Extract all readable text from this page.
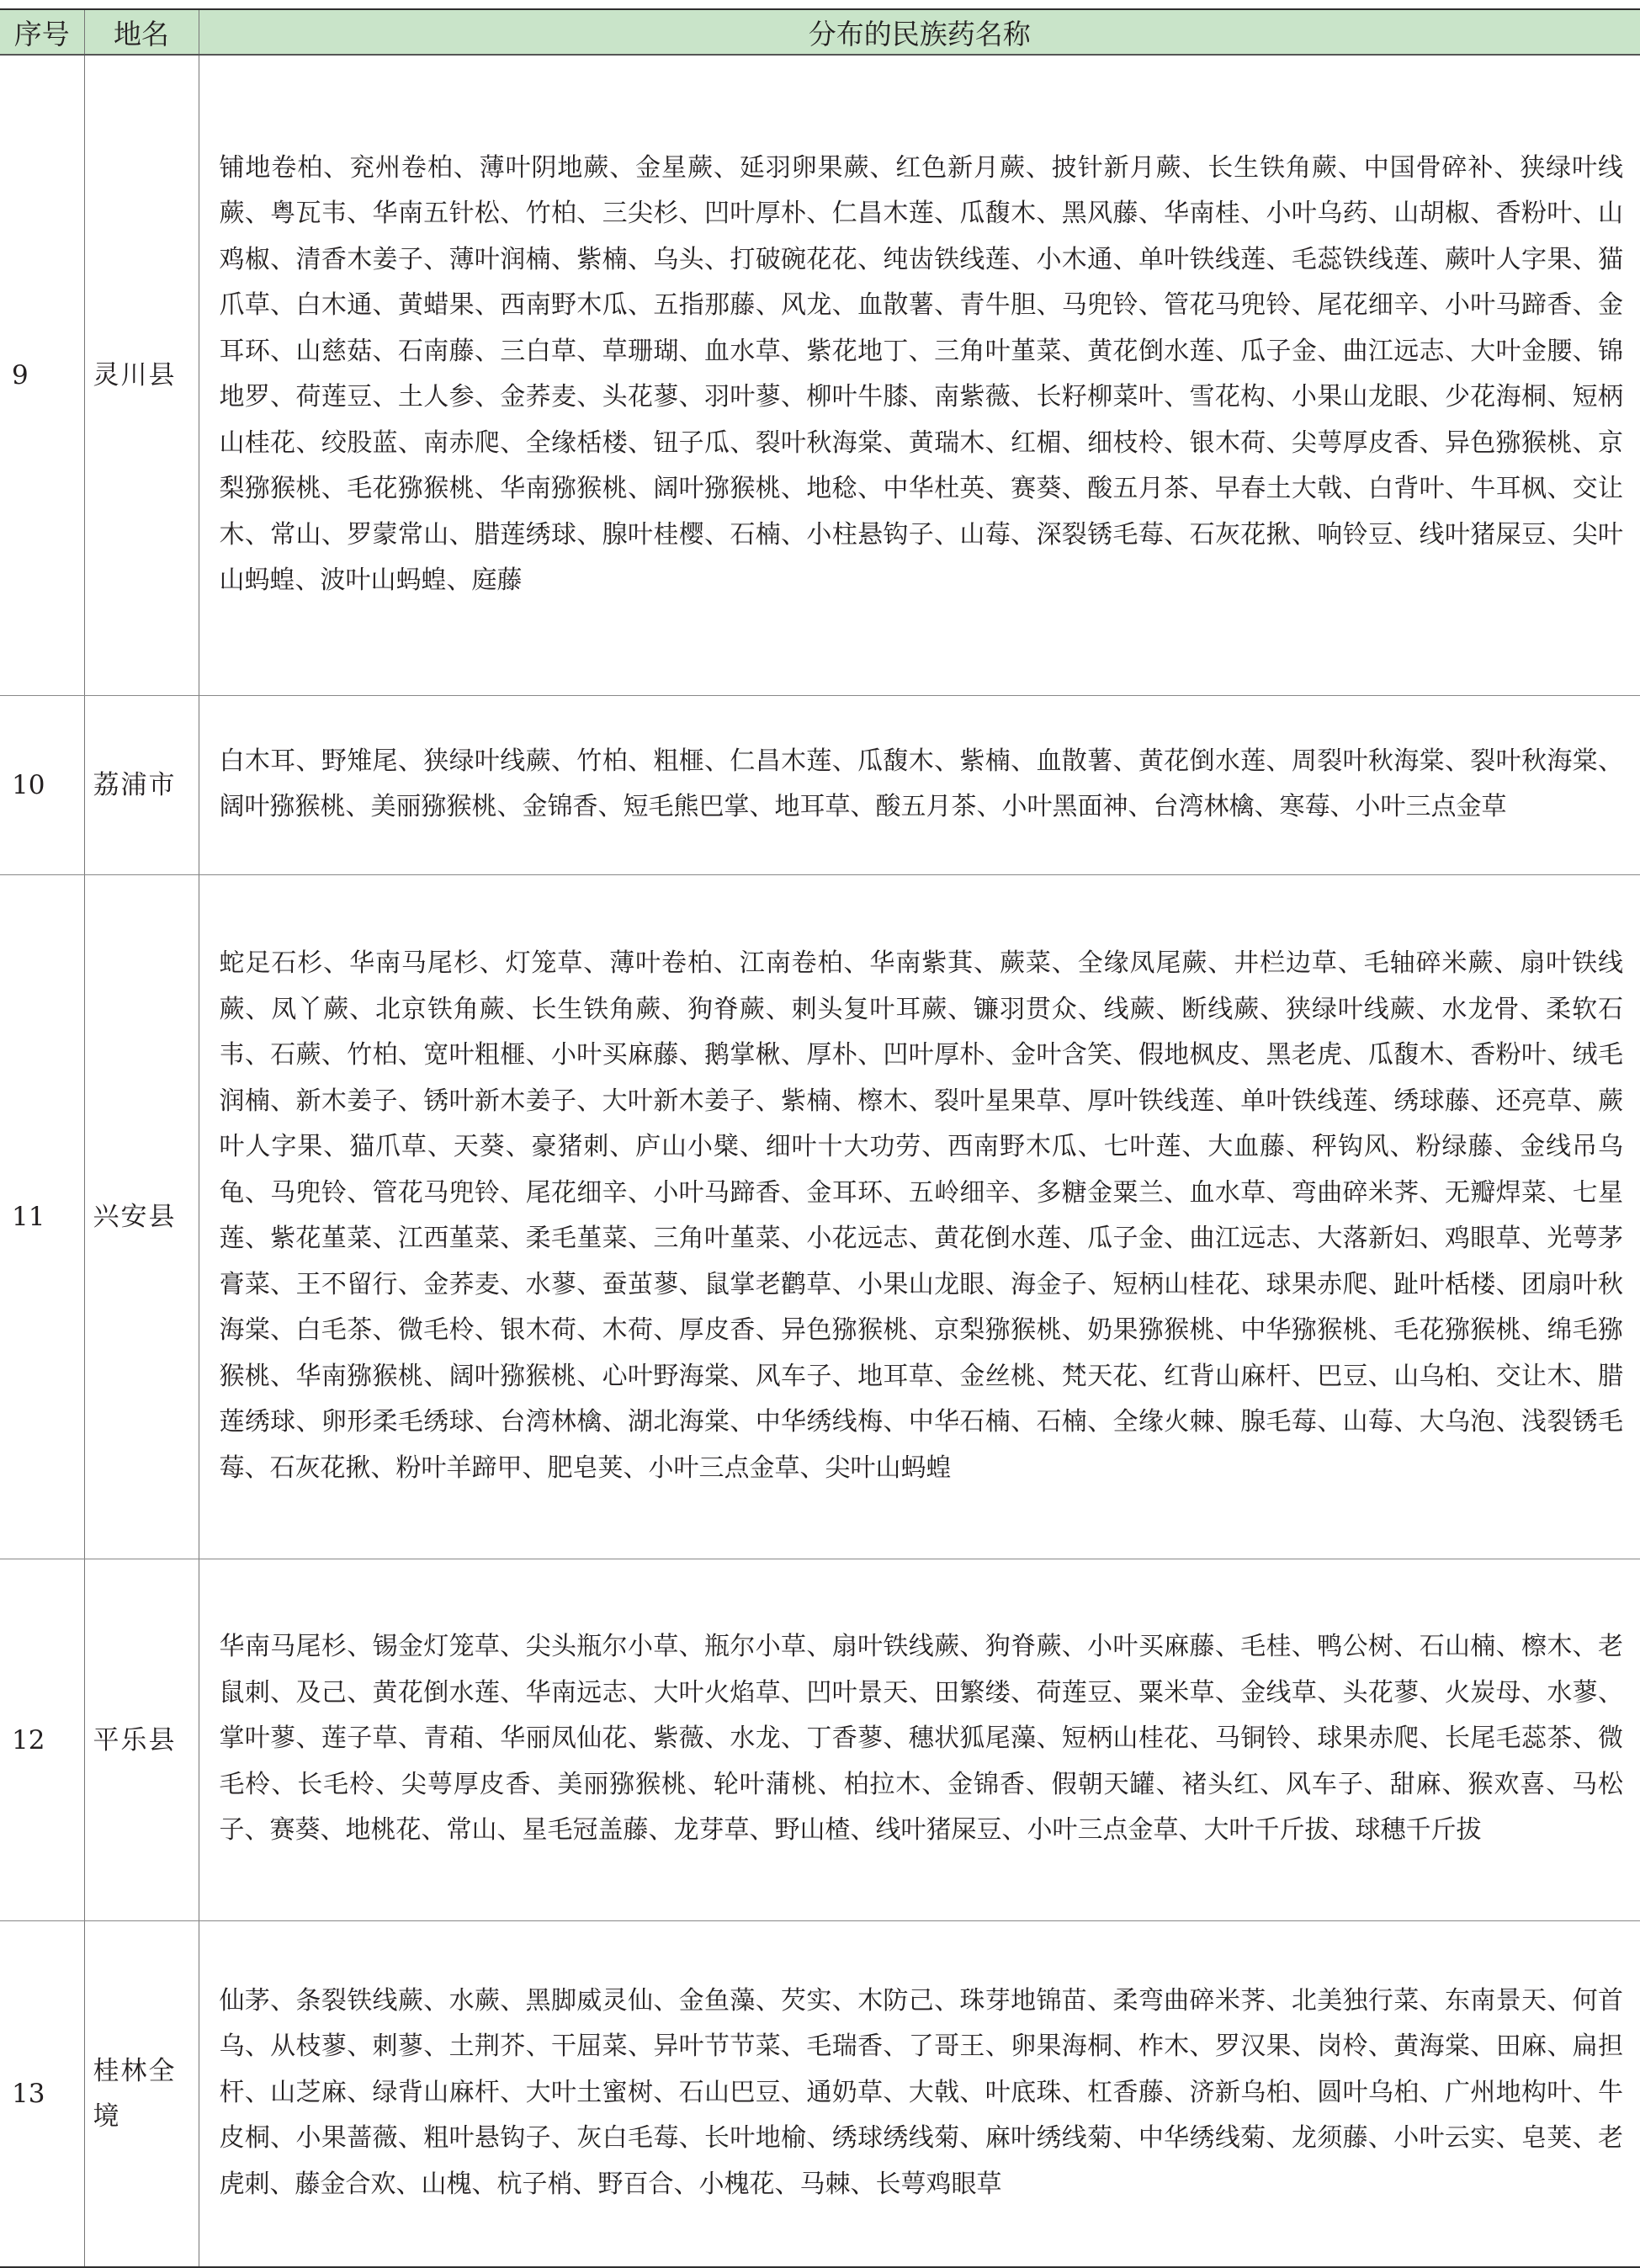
序号	地名	分布的民族药名称
9	灵川县	铺地卷柏、兖州卷柏、薄叶阴地蕨、金星蕨、延羽卵果蕨、红色新月蕨、披针新月蕨、长生铁角蕨、中国骨碎补、狭绿叶线蕨、粤瓦韦、华南五针松、竹柏、三尖杉、凹叶厚朴、仁昌木莲、瓜馥木、黑风藤、华南桂、小叶乌药、山胡椒、香粉叶、山鸡椒、清香木姜子、薄叶润楠、紫楠、乌头、打破碗花花、纯齿铁线莲、小木通、单叶铁线莲、毛蕊铁线莲、蕨叶人字果、猫爪草、白木通、黄蜡果、西南野木瓜、五指那藤、风龙、血散薯、青牛胆、马兜铃、管花马兜铃、尾花细辛、小叶马蹄香、金耳环、山慈菇、石南藤、三白草、草珊瑚、血水草、紫花地丁、三角叶堇菜、黄花倒水莲、瓜子金、曲江远志、大叶金腰、锦地罗、荷莲豆、土人参、金荞麦、头花蓼、羽叶蓼、柳叶牛膝、南紫薇、长籽柳菜叶、雪花构、小果山龙眼、少花海桐、短柄山桂花、绞股蓝、南赤爬、全缘栝楼、钮子瓜、裂叶秋海棠、黄瑞木、红楣、细枝柃、银木荷、尖萼厚皮香、异色猕猴桃、京梨猕猴桃、毛花猕猴桃、华南猕猴桃、阔叶猕猴桃、地稔、中华杜英、赛葵、酸五月茶、早春土大戟、白背叶、牛耳枫、交让木、常山、罗蒙常山、腊莲绣球、腺叶桂樱、石楠、小柱悬钩子、山莓、深裂锈毛莓、石灰花揪、响铃豆、线叶猪屎豆、尖叶山蚂蝗、波叶山蚂蝗、庭藤
10	荔浦市	白木耳、野雉尾、狭绿叶线蕨、竹柏、粗榧、仁昌木莲、瓜馥木、紫楠、血散薯、黄花倒水莲、周裂叶秋海棠、裂叶秋海棠、阔叶猕猴桃、美丽猕猴桃、金锦香、短毛熊巴掌、地耳草、酸五月茶、小叶黑面神、台湾林檎、寒莓、小叶三点金草
11	兴安县	蛇足石杉、华南马尾杉、灯笼草、薄叶卷柏、江南卷柏、华南紫萁、蕨菜、全缘凤尾蕨、井栏边草、毛轴碎米蕨、扇叶铁线蕨、凤丫蕨、北京铁角蕨、长生铁角蕨、狗脊蕨、刺头复叶耳蕨、镰羽贯众、线蕨、断线蕨、狭绿叶线蕨、水龙骨、柔软石韦、石蕨、竹柏、宽叶粗榧、小叶买麻藤、鹅掌楸、厚朴、凹叶厚朴、金叶含笑、假地枫皮、黑老虎、瓜馥木、香粉叶、绒毛润楠、新木姜子、锈叶新木姜子、大叶新木姜子、紫楠、檫木、裂叶星果草、厚叶铁线莲、单叶铁线莲、绣球藤、还亮草、蕨叶人字果、猫爪草、天葵、豪猪刺、庐山小檗、细叶十大功劳、西南野木瓜、七叶莲、大血藤、秤钩风、粉绿藤、金线吊乌龟、马兜铃、管花马兜铃、尾花细辛、小叶马蹄香、金耳环、五岭细辛、多糖金粟兰、血水草、弯曲碎米荠、无瓣焊菜、七星莲、紫花堇菜、江西堇菜、柔毛堇菜、三角叶堇菜、小花远志、黄花倒水莲、瓜子金、曲江远志、大落新妇、鸡眼草、光萼茅膏菜、王不留行、金荞麦、水蓼、蚕茧蓼、鼠掌老鹳草、小果山龙眼、海金子、短柄山桂花、球果赤爬、趾叶栝楼、团扇叶秋海棠、白毛茶、微毛柃、银木荷、木荷、厚皮香、异色猕猴桃、京梨猕猴桃、奶果猕猴桃、中华猕猴桃、毛花猕猴桃、绵毛猕猴桃、华南猕猴桃、阔叶猕猴桃、心叶野海棠、风车子、地耳草、金丝桃、梵天花、红背山麻杆、巴豆、山乌桕、交让木、腊莲绣球、卵形柔毛绣球、台湾林檎、湖北海棠、中华绣线梅、中华石楠、石楠、全缘火棘、腺毛莓、山莓、大乌泡、浅裂锈毛莓、石灰花揪、粉叶羊蹄甲、肥皂荚、小叶三点金草、尖叶山蚂蝗
12	平乐县	华南马尾杉、锡金灯笼草、尖头瓶尔小草、瓶尔小草、扇叶铁线蕨、狗脊蕨、小叶买麻藤、毛桂、鸭公树、石山楠、檫木、老鼠刺、及己、黄花倒水莲、华南远志、大叶火焰草、凹叶景天、田繁缕、荷莲豆、粟米草、金线草、头花蓼、火炭母、水蓼、掌叶蓼、莲子草、青葙、华丽凤仙花、紫薇、水龙、丁香蓼、穗状狐尾藻、短柄山桂花、马铜铃、球果赤爬、长尾毛蕊茶、微毛柃、长毛柃、尖萼厚皮香、美丽猕猴桃、轮叶蒲桃、柏拉木、金锦香、假朝天罐、褚头红、风车子、甜麻、猴欢喜、马松子、赛葵、地桃花、常山、星毛冠盖藤、龙芽草、野山楂、线叶猪屎豆、小叶三点金草、大叶千斤拔、球穗千斤拔
13	桂林全境	仙茅、条裂铁线蕨、水蕨、黑脚威灵仙、金鱼藻、芡实、木防己、珠芽地锦苗、柔弯曲碎米荠、北美独行菜、东南景天、何首乌、从枝蓼、刺蓼、土荆芥、干屈菜、异叶节节菜、毛瑞香、了哥王、卵果海桐、柞木、罗汉果、岗柃、黄海棠、田麻、扁担杆、山芝麻、绿背山麻杆、大叶土蜜树、石山巴豆、通奶草、大戟、叶底珠、杠香藤、济新乌桕、圆叶乌桕、广州地构叶、牛皮桐、小果蔷薇、粗叶悬钩子、灰白毛莓、长叶地榆、绣球绣线菊、麻叶绣线菊、中华绣线菊、龙须藤、小叶云实、皂荚、老虎刺、藤金合欢、山槐、杭子梢、野百合、小槐花、马棘、长萼鸡眼草
